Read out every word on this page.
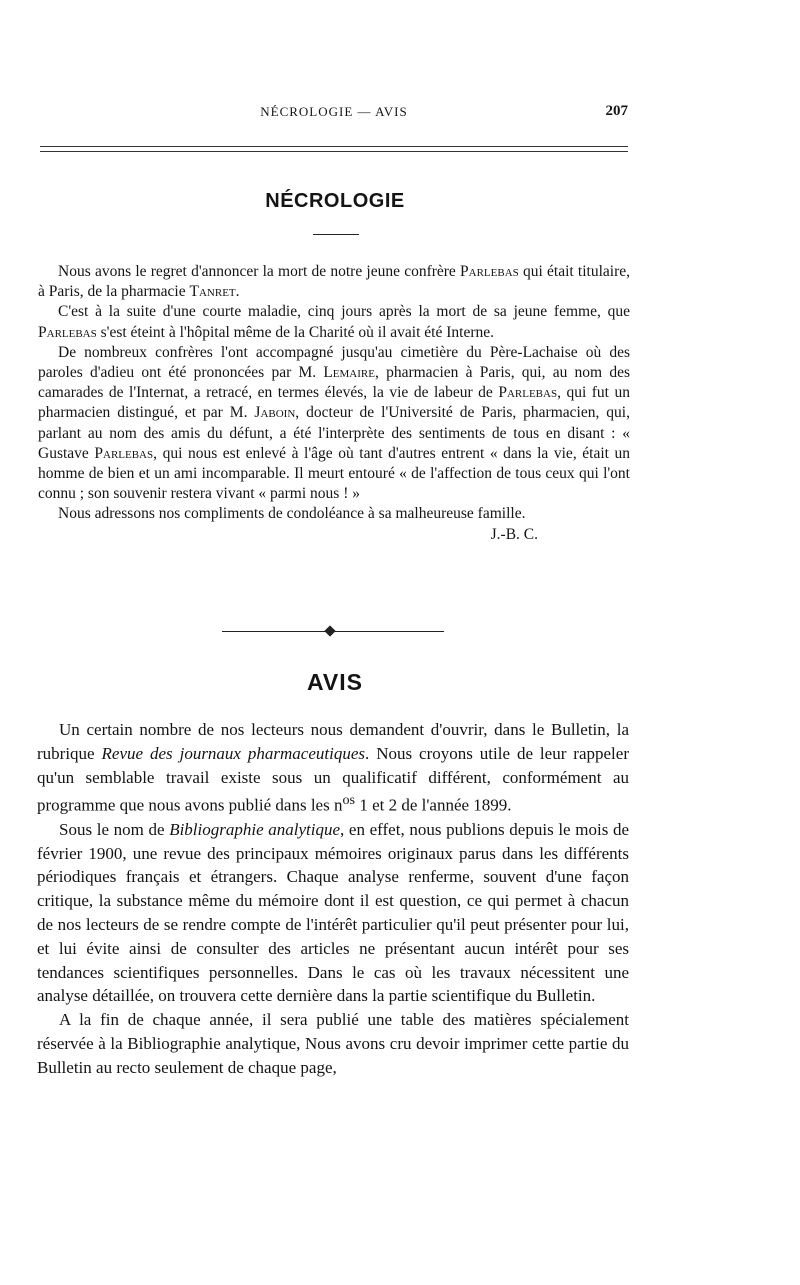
NÉCROLOGIE — AVIS	207
NÉCROLOGIE

Nous avons le regret d'annoncer la mort de notre jeune confrère Parlebas qui était titulaire, à Paris, de la pharmacie Tanret.

C'est à la suite d'une courte maladie, cinq jours après la mort de sa jeune femme, que Parlebas s'est éteint à l'hôpital même de la Charité où il avait été Interne.

De nombreux confrères l'ont accompagné jusqu'au cimetière du Père-Lachaise où des paroles d'adieu ont été prononcées par M. Lemaire, pharmacien à Paris, qui, au nom des camarades de l'Internat, a retracé, en termes élevés, la vie de labeur de Parlebas, qui fut un pharmacien distingué, et par M. Jaboin, docteur de l'Université de Paris, pharmacien, qui, parlant au nom des amis du défunt, a été l'interprète des sentiments de tous en disant : « Gustave Parlebas, qui nous est enlevé à l'âge où tant d'autres entrent « dans la vie, était un homme de bien et un ami incomparable. Il meurt entouré « de l'affection de tous ceux qui l'ont connu ; son souvenir restera vivant « parmi nous ! »

Nous adressons nos compliments de condoléance à sa malheureuse famille.

J.-B. C.
AVIS

Un certain nombre de nos lecteurs nous demandent d'ouvrir, dans le Bulletin, la rubrique Revue des journaux pharmaceutiques. Nous croyons utile de leur rappeler qu'un semblable travail existe sous un qualificatif différent, conformément au programme que nous avons publié dans les $n^{os}$ 1 et 2 de l'année 1899.

Sous le nom de Bibliographie analytique, en effet, nous publions depuis le mois de février 1900, une revue des principaux mémoires originaux parus dans les différents périodiques français et étrangers. Chaque analyse renferme, souvent d'une façon critique, la substance même du mémoire dont il est question, ce qui permet à chacun de nos lecteurs de se rendre compte de l'intérêt particulier qu'il peut présenter pour lui, et lui évite ainsi de consulter des articles ne présentant aucun intérêt pour ses tendances scientifiques personnelles. Dans le cas où les travaux nécessitent une analyse détaillée, on trouvera cette dernière dans la partie scientifique du Bulletin.

A la fin de chaque année, il sera publié une table des matières spécialement réservée à la Bibliographie analytique, Nous avons cru devoir imprimer cette partie du Bulletin au recto seulement de chaque page,
